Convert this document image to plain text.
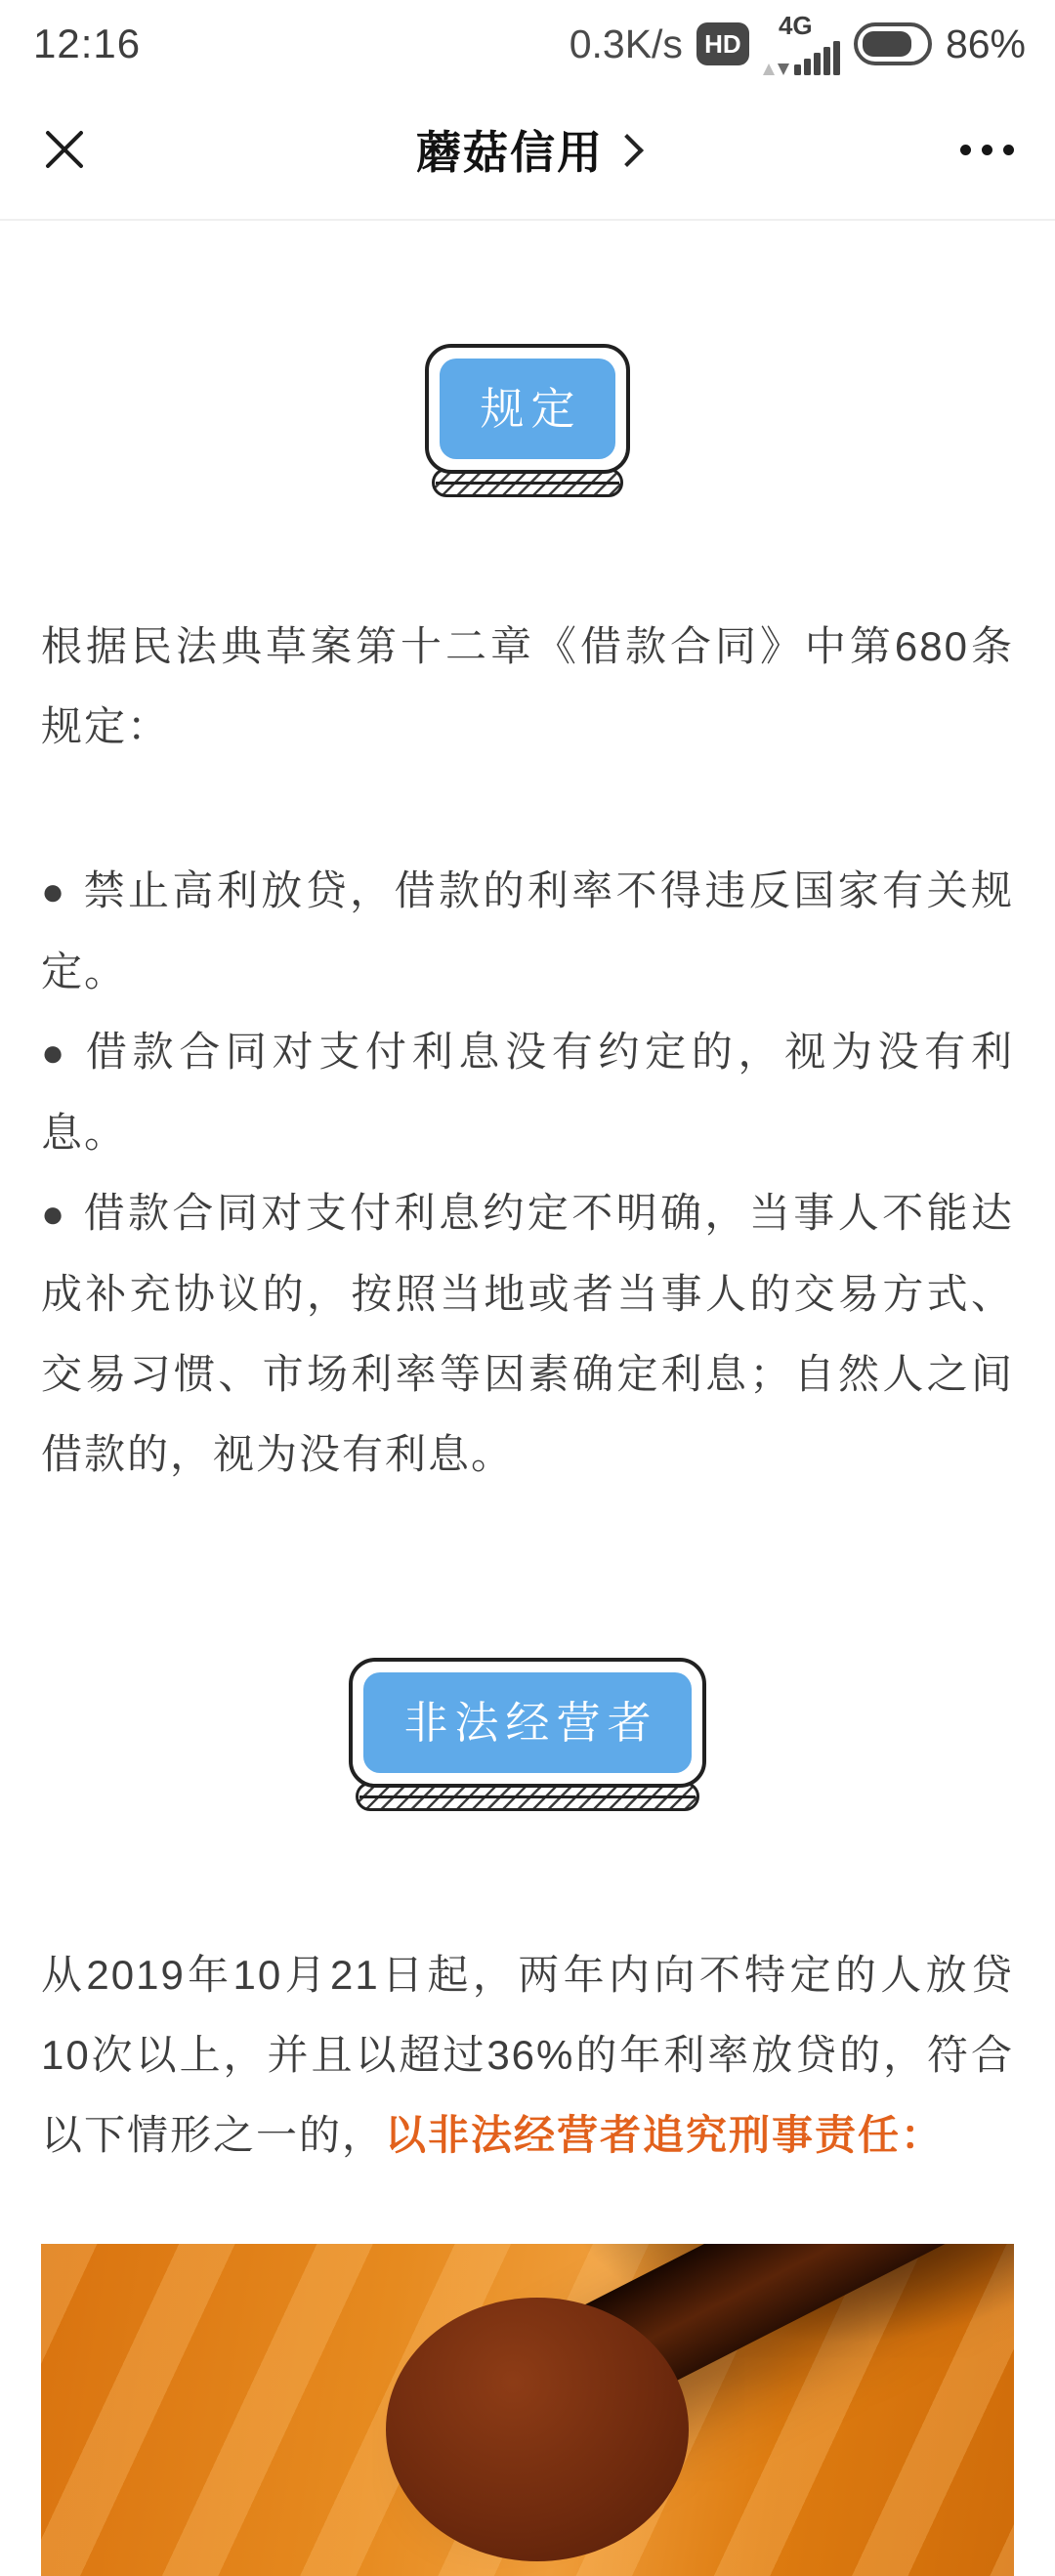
12:16	0.3K/s HD
4G	86%
蘑菇信用
规定

根据民法典草案第十二章《借款合同》中第680条规定：

● 禁止高利放贷，借款的利率不得违反国家有关规定。

● 借款合同对支付利息没有约定的，视为没有利息。

● 借款合同对支付利息约定不明确，当事人不能达成补充协议的，按照当地或者当事人的交易方式、交易习惯、市场利率等因素确定利息；自然人之间借款的，视为没有利息。

非法经营者

从2019年10月21日起，两年内向不特定的人放贷10次以上，并且以超过36%的年利率放贷的，符合以下情形之一的，以非法经营者追究刑事责任：
